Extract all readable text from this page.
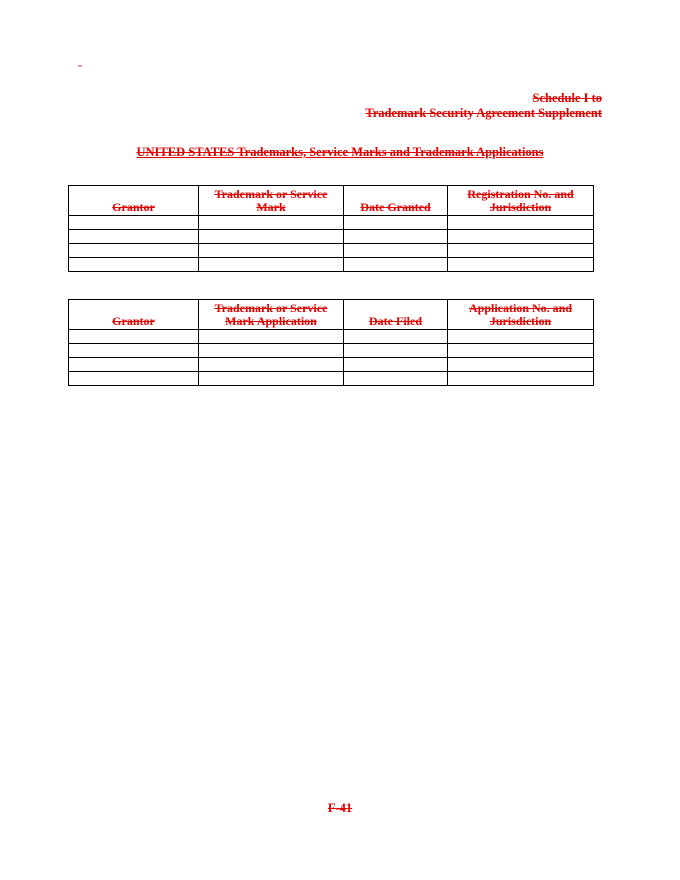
-
Schedule I to
Trademark Security Agreement Supplement
UNITED STATES Trademarks, Service Marks and Trademark Applications
Grantor	Trademark or Service Mark	Date Granted	Registration No. and Jurisdiction

Grantor	Trademark or Service Mark Application	Date Filed	Application No. and Jurisdiction

F-41
